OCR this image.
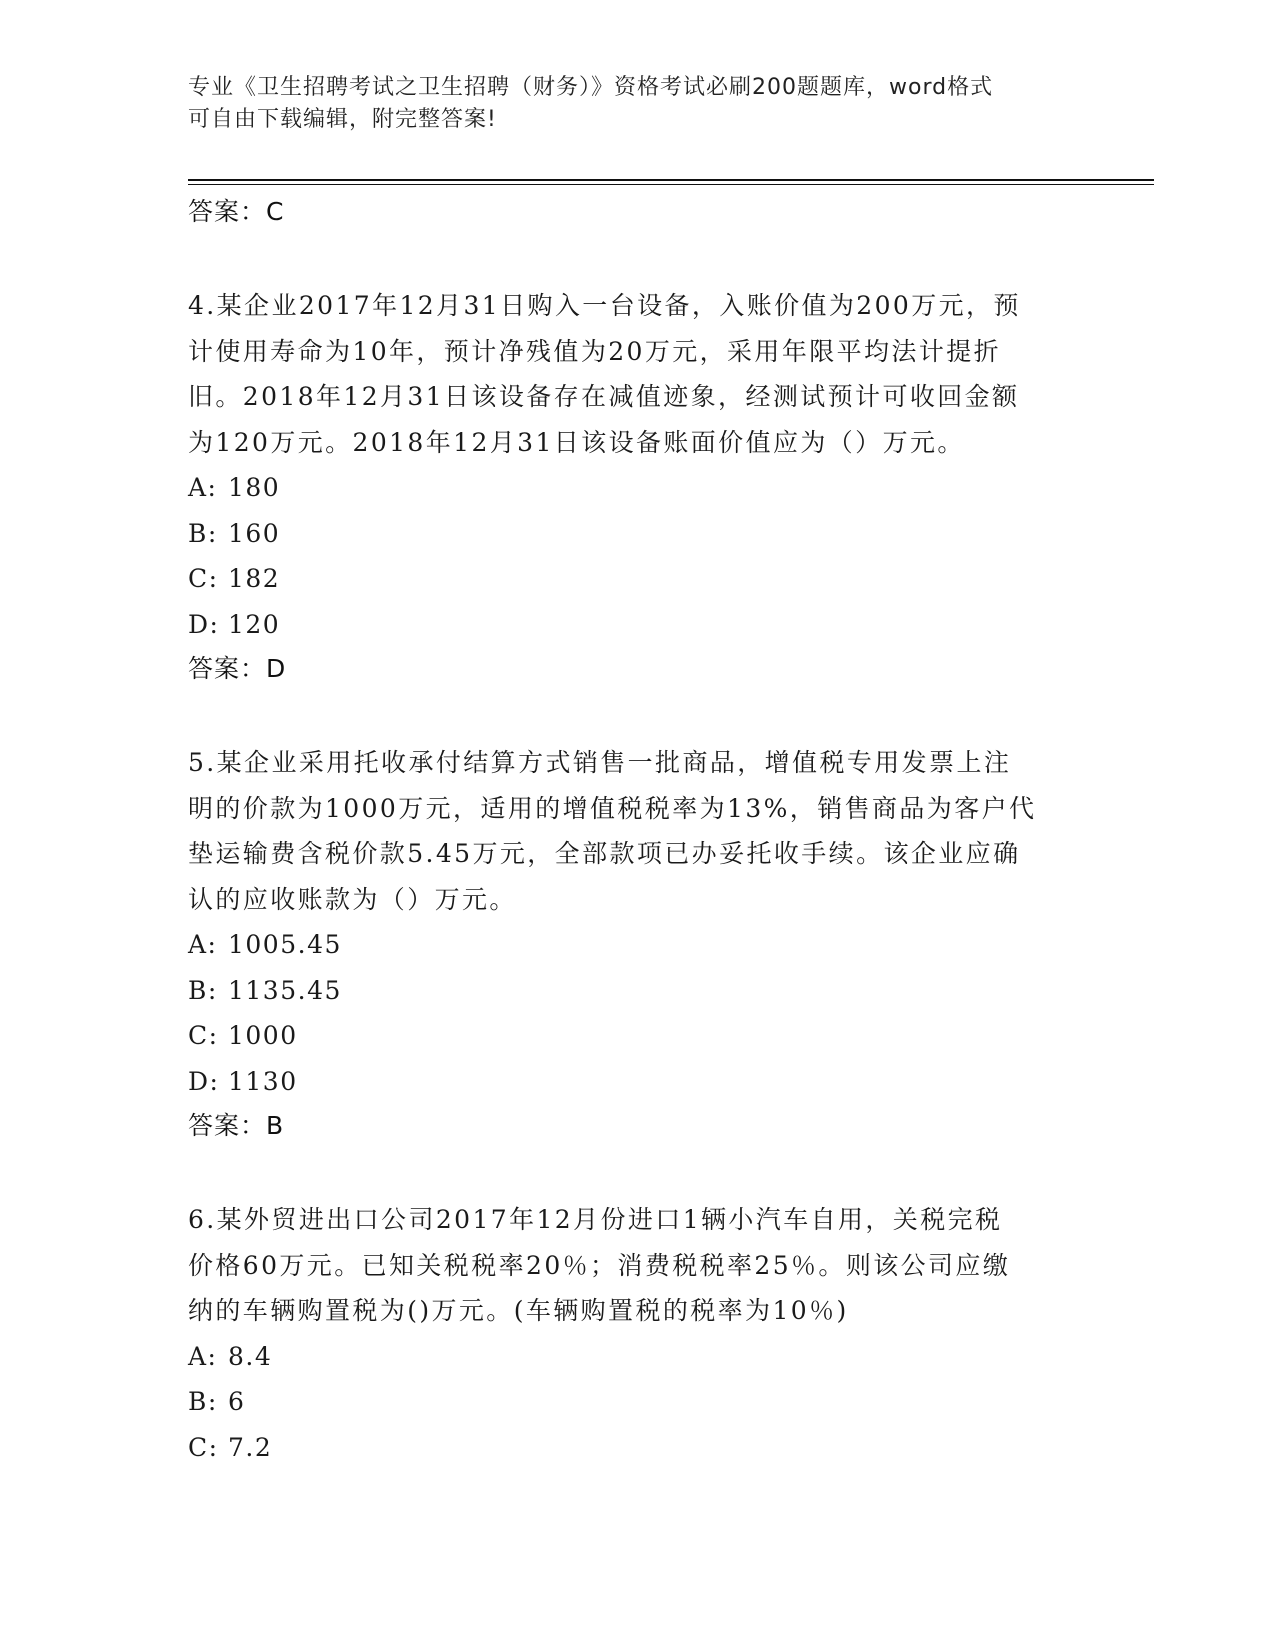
专业《卫生招聘考试之卫生招聘（财务）》资格考试必刷200题题库，word格式
可自由下载编辑，附完整答案!
答案：C
4.某企业2017年12月31日购入一台设备，入账价值为200万元，预
计使用寿命为10年，预计净残值为20万元，采用年限平均法计提折
旧。2018年12月31日该设备存在减值迹象，经测试预计可收回金额
为120万元。2018年12月31日该设备账面价值应为（）万元。
A: 180
B: 160
C: 182
D: 120
答案：D
5.某企业采用托收承付结算方式销售一批商品，增值税专用发票上注
明的价款为1000万元，适用的增值税税率为13%，销售商品为客户代
垫运输费含税价款5.45万元，全部款项已办妥托收手续。该企业应确
认的应收账款为（）万元。
A: 1005.45
B: 1135.45
C: 1000
D: 1130
答案：B
6.某外贸进出口公司2017年12月份进口1辆小汽车自用，关税完税
价格60万元。已知关税税率20％；消费税税率25％。则该公司应缴
纳的车辆购置税为()万元。(车辆购置税的税率为10％)
A: 8.4
B: 6
C: 7.2
